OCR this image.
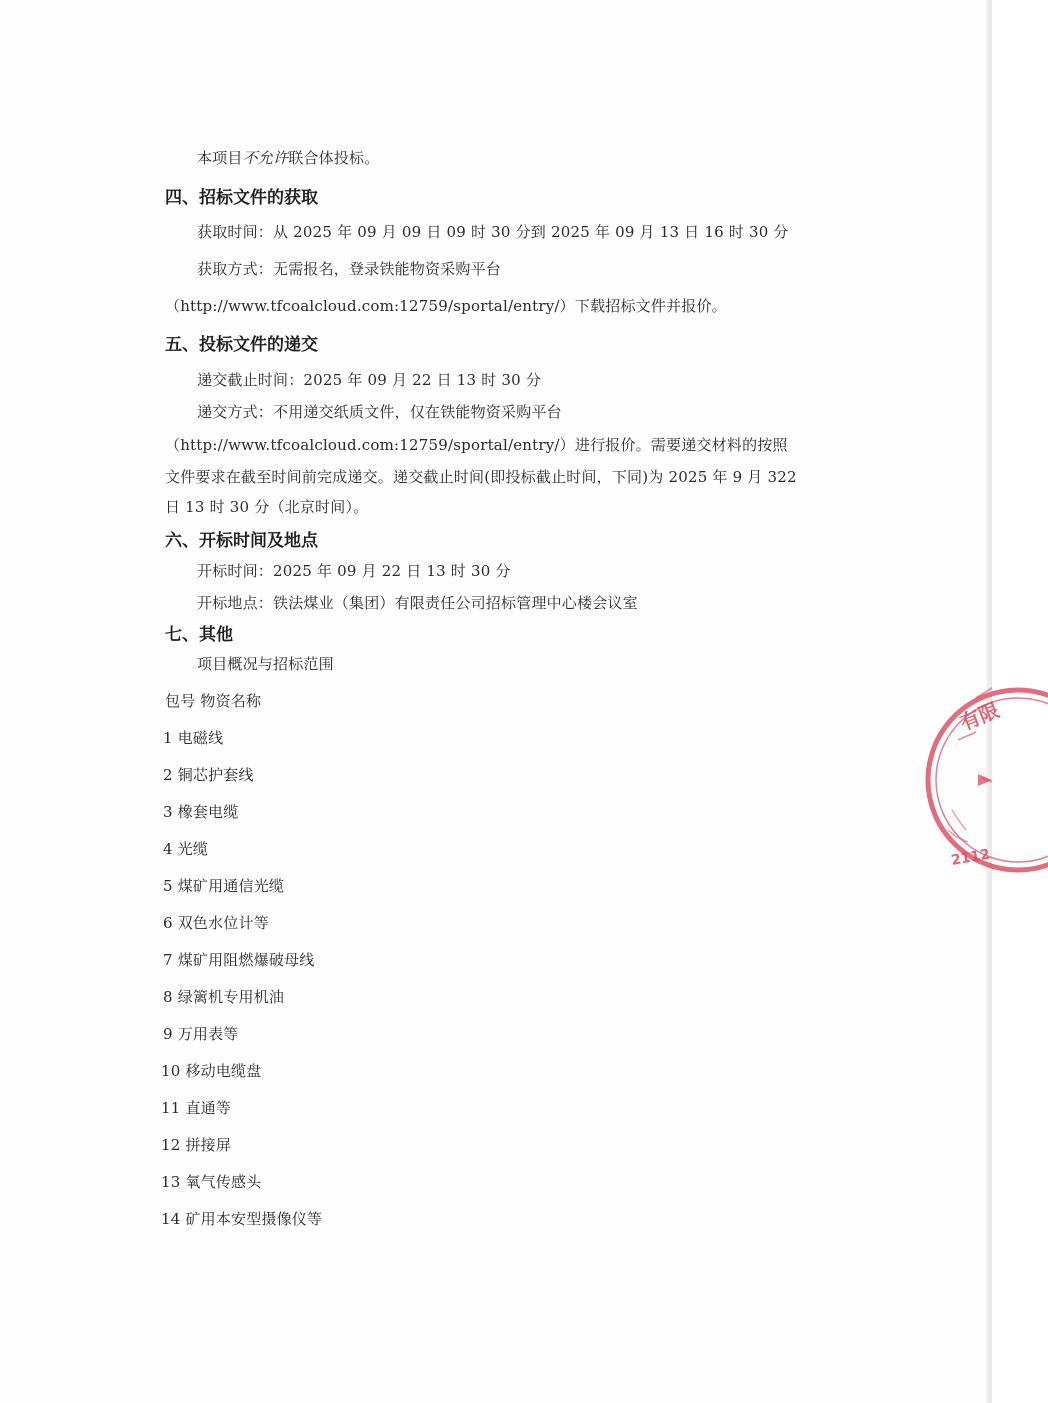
本项目不允许联合体投标。
四、招标文件的获取
获取时间：从 2025 年 09 月 09 日 09 时 30 分到 2025 年 09 月 13 日 16 时 30 分
获取方式：无需报名，登录铁能物资采购平台
（http://www.tfcoalcloud.com:12759/sportal/entry/）下载招标文件并报价。
五、投标文件的递交
递交截止时间：2025 年 09 月 22 日 13 时 30 分
递交方式：不用递交纸质文件，仅在铁能物资采购平台
（http://www.tfcoalcloud.com:12759/sportal/entry/）进行报价。需要递交材料的按照
文件要求在截至时间前完成递交。递交截止时间(即投标截止时间，下同)为 2025 年 9 月 322
日 13 时 30 分（北京时间）。
六、开标时间及地点
开标时间：2025 年 09 月 22 日 13 时 30 分
开标地点：铁法煤业（集团）有限责任公司招标管理中心楼会议室
七、其他
项目概况与招标范围
包号 物资名称
1 电磁线
2 铜芯护套线
3 橡套电缆
4 光缆
5 煤矿用通信光缆
6 双色水位计等
7 煤矿用阻燃爆破母线
8 绿篱机专用机油
9 万用表等
10 移动电缆盘
11 直通等
12 拼接屏
13 氧气传感头
14 矿用本安型摄像仪等
有限
2112
